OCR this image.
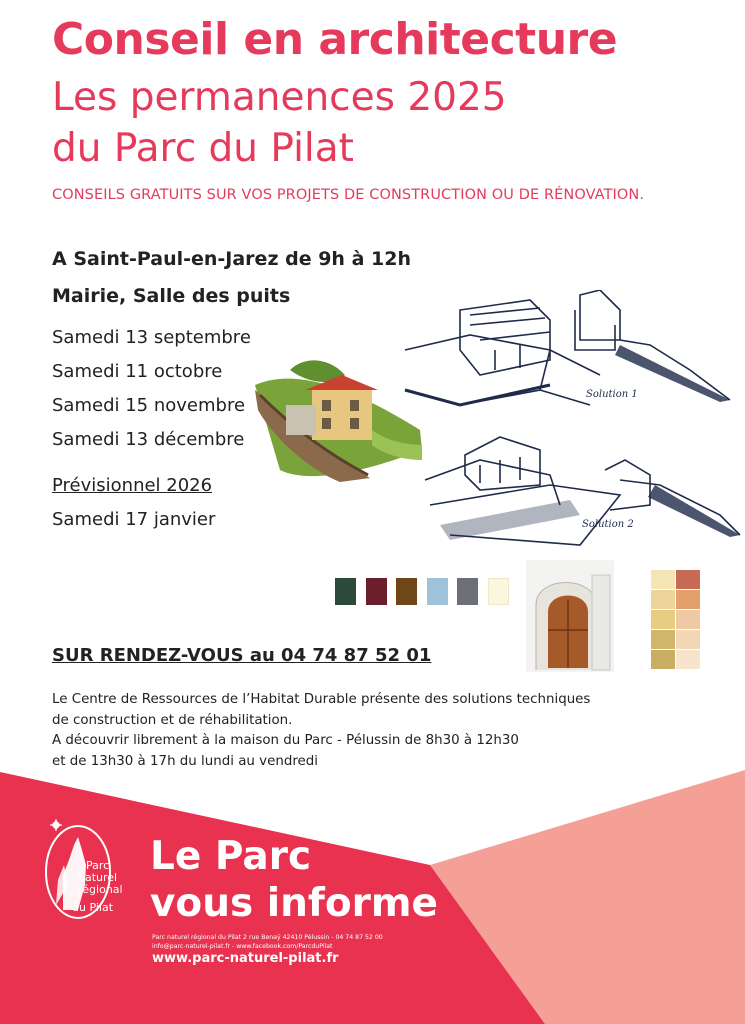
Conseil en architecture
Les permanences 2025
du Parc du Pilat
CONSEILS GRATUITS SUR VOS PROJETS DE CONSTRUCTION OU DE RÉNOVATION.
A Saint-Paul-en-Jarez de 9h à 12h
Mairie, Salle des puits
Samedi 13 septembre
Samedi 11 octobre
Samedi 15 novembre
Samedi 13 décembre
Prévisionnel 2026
Samedi 17 janvier
Solution 1
Solution 2
SUR RENDEZ-VOUS au 04 74 87 52 01
Le Centre de Ressources de l’Habitat Durable présente des solutions techniques
de construction et de réhabilitation.
A découvrir librement à la maison du Parc - Pélussin de 8h30 à 12h30
et de 13h30 à 17h du lundi au vendredi
Parc
naturel
régional
du Pilat
Le Parc
vous informe
Parc naturel régional du Pilat 2 rue Benaÿ 42410 Pélussin - 04 74 87 52 00
info@parc-naturel-pilat.fr - www.facebook.com/ParcduPilat
www.parc-naturel-pilat.fr
